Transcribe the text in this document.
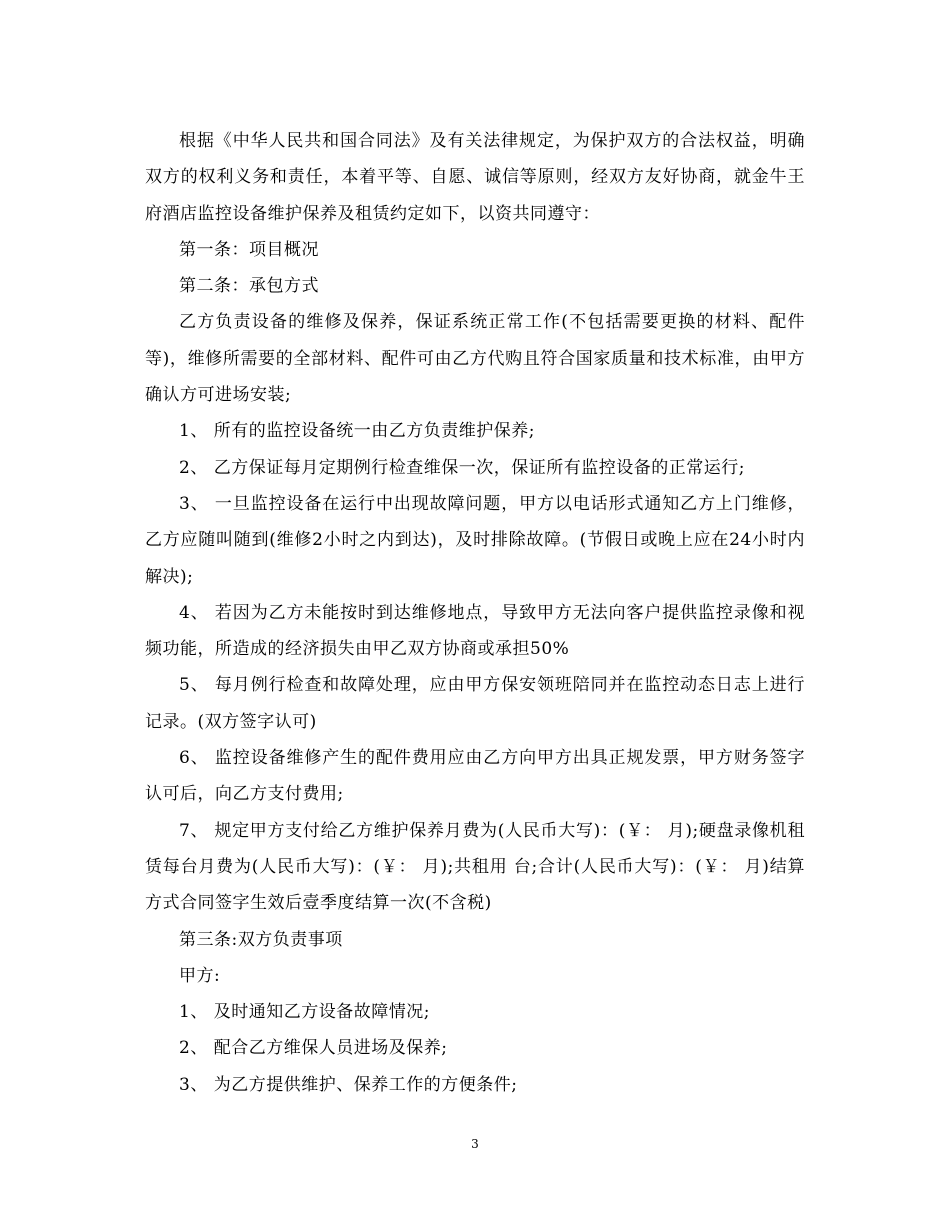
根据《中华人民共和国合同法》及有关法律规定，为保护双方的合法权益，明确双方的权利义务和责任，本着平等、自愿、诚信等原则，经双方友好协商，就金牛王府酒店监控设备维护保养及租赁约定如下，以资共同遵守：

第一条：项目概况

第二条：承包方式

乙方负责设备的维修及保养，保证系统正常工作(不包括需要更换的材料、配件等)，维修所需要的全部材料、配件可由乙方代购且符合国家质量和技术标准，由甲方确认方可进场安装;

1、 所有的监控设备统一由乙方负责维护保养;

2、 乙方保证每月定期例行检查维保一次，保证所有监控设备的正常运行;

3、 一旦监控设备在运行中出现故障问题，甲方以电话形式通知乙方上门维修，乙方应随叫随到(维修2小时之内到达)，及时排除故障。(节假日或晚上应在24小时内解决);

4、 若因为乙方未能按时到达维修地点，导致甲方无法向客户提供监控录像和视频功能，所造成的经济损失由甲乙双方协商或承担50%

5、 每月例行检查和故障处理，应由甲方保安领班陪同并在监控动态日志上进行记录。(双方签字认可)

6、 监控设备维修产生的配件费用应由乙方向甲方出具正规发票，甲方财务签字认可后，向乙方支付费用;

7、 规定甲方支付给乙方维护保养月费为(人民币大写)：(￥： 月);硬盘录像机租赁每台月费为(人民币大写)：(￥： 月);共租用 台;合计(人民币大写)：(￥： 月)结算方式合同签字生效后壹季度结算一次(不含税)

第三条:双方负责事项

甲方:

1、 及时通知乙方设备故障情况;

2、 配合乙方维保人员进场及保养;

3、 为乙方提供维护、保养工作的方便条件;

3
